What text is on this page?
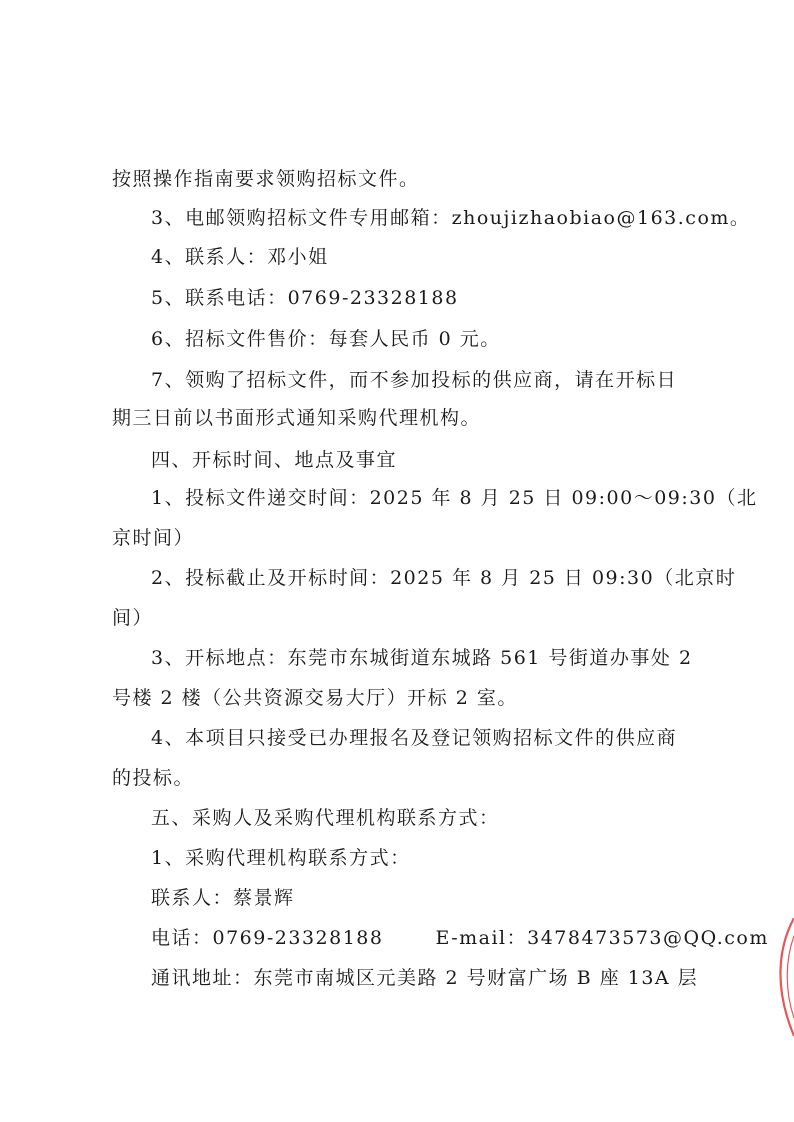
按照操作指南要求领购招标文件。
3、电邮领购招标文件专用邮箱：zhoujizhaobiao@163.com。
4、联系人：邓小姐
5、联系电话：0769-23328188
6、招标文件售价：每套人民币 0 元。
7、领购了招标文件，而不参加投标的供应商，请在开标日
期三日前以书面形式通知采购代理机构。
四、开标时间、地点及事宜
1、投标文件递交时间：2025 年 8 月 25 日 09:00～09:30（北
京时间）
2、投标截止及开标时间：2025 年 8 月 25 日 09:30（北京时
间）
3、开标地点：东莞市东城街道东城路 561 号街道办事处 2
号楼 2 楼（公共资源交易大厅）开标 2 室。
4、本项目只接受已办理报名及登记领购招标文件的供应商
的投标。
五、采购人及采购代理机构联系方式：
1、采购代理机构联系方式：
联系人：蔡景辉
电话：0769-23328188	E-mail：3478473573@QQ.com
通讯地址：东莞市南城区元美路 2 号财富广场 B 座 13A 层
